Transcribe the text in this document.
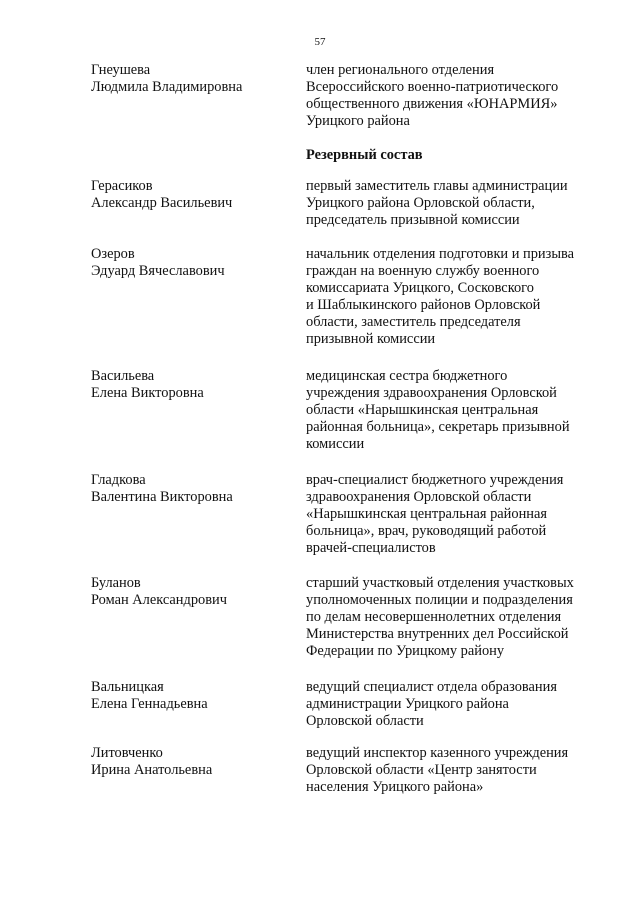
57
Гнеушева
Людмила Владимировна
член регионального отделения
Всероссийского военно-патриотического
общественного движения «ЮНАРМИЯ»
Урицкого района
Резервный состав
Герасиков
Александр Васильевич
первый заместитель главы администрации
Урицкого района Орловской области,
председатель призывной комиссии
Озеров
Эдуард Вячеславович
начальник отделения подготовки и призыва
граждан на военную службу военного
комиссариата Урицкого, Сосковского
и Шаблыкинского районов Орловской
области, заместитель председателя
призывной комиссии
Васильева
Елена Викторовна
медицинская сестра бюджетного
учреждения здравоохранения Орловской
области «Нарышкинская центральная
районная больница», секретарь призывной
комиссии
Гладкова
Валентина Викторовна
врач-специалист бюджетного учреждения
здравоохранения Орловской области
«Нарышкинская центральная районная
больница», врач, руководящий работой
врачей-специалистов
Буланов
Роман Александрович
старший участковый отделения участковых
уполномоченных полиции и подразделения
по делам несовершеннолетних отделения
Министерства внутренних дел Российской
Федерации по Урицкому району
Вальницкая
Елена Геннадьевна
ведущий специалист отдела образования
администрации Урицкого района
Орловской области
Литовченко
Ирина Анатольевна
ведущий инспектор казенного учреждения
Орловской области «Центр занятости
населения Урицкого района»
